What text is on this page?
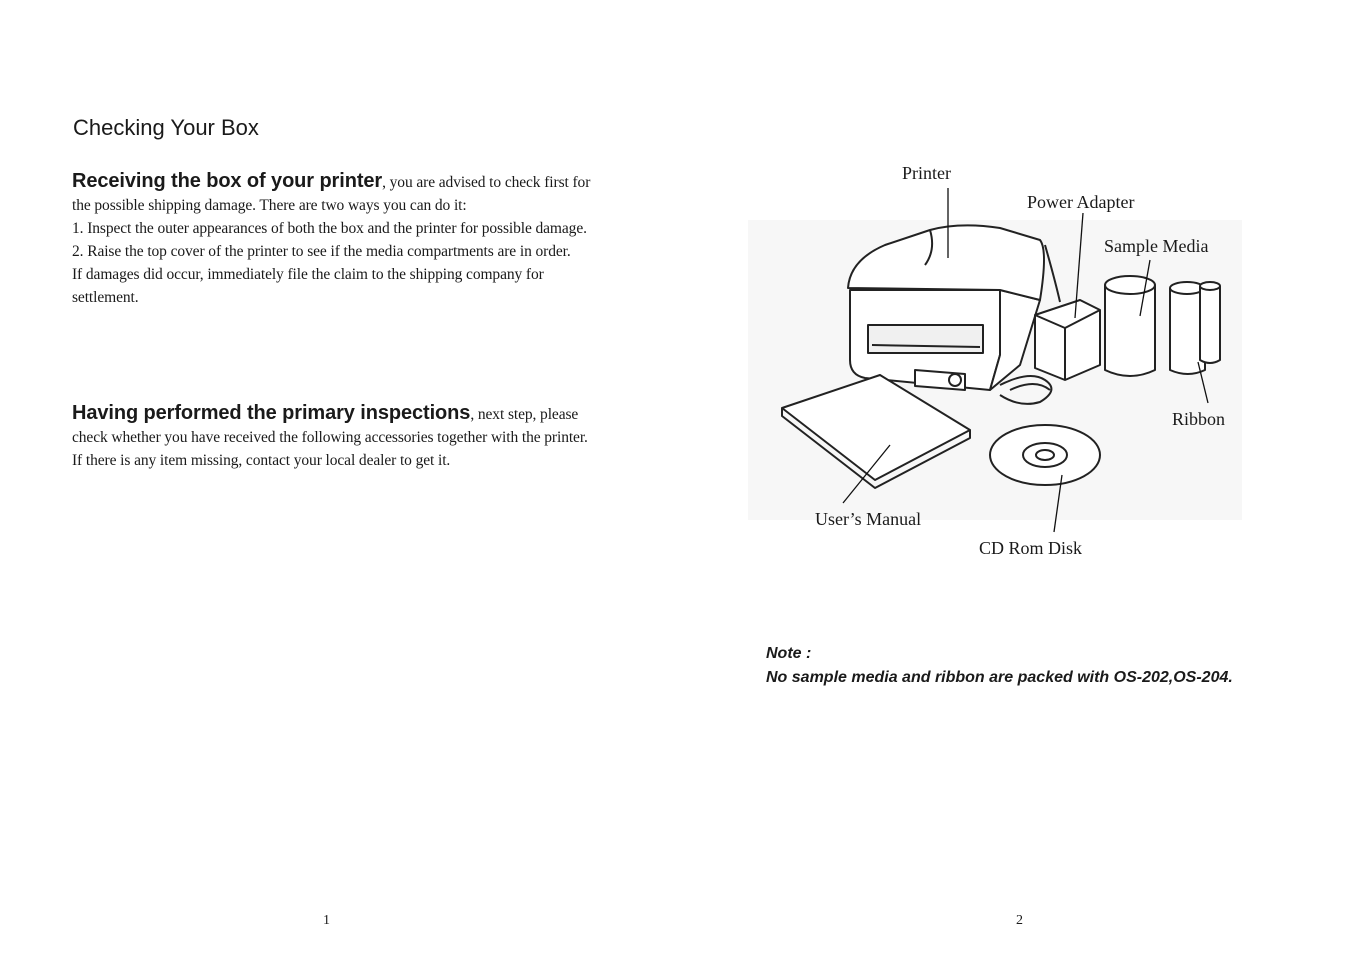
Checking Your Box
Receiving the box of your printer, you are advised to check first for the possible shipping damage. There are two ways you can do it:
1. Inspect the outer appearances of both the box and the printer for possible damage.
2. Raise the top cover of the printer to see if the media compartments are in order.
If damages did occur, immediately file the claim to the shipping company for settlement.
Having performed the primary inspections, next step, please check whether you have received the following accessories together with the printer. If there is any item missing, contact your local dealer to get it.
1
Printer
Power Adapter
Sample Media
Ribbon
User’s Manual
CD Rom Disk
Note :
No sample media and ribbon are packed with OS-202,OS-204.
2
